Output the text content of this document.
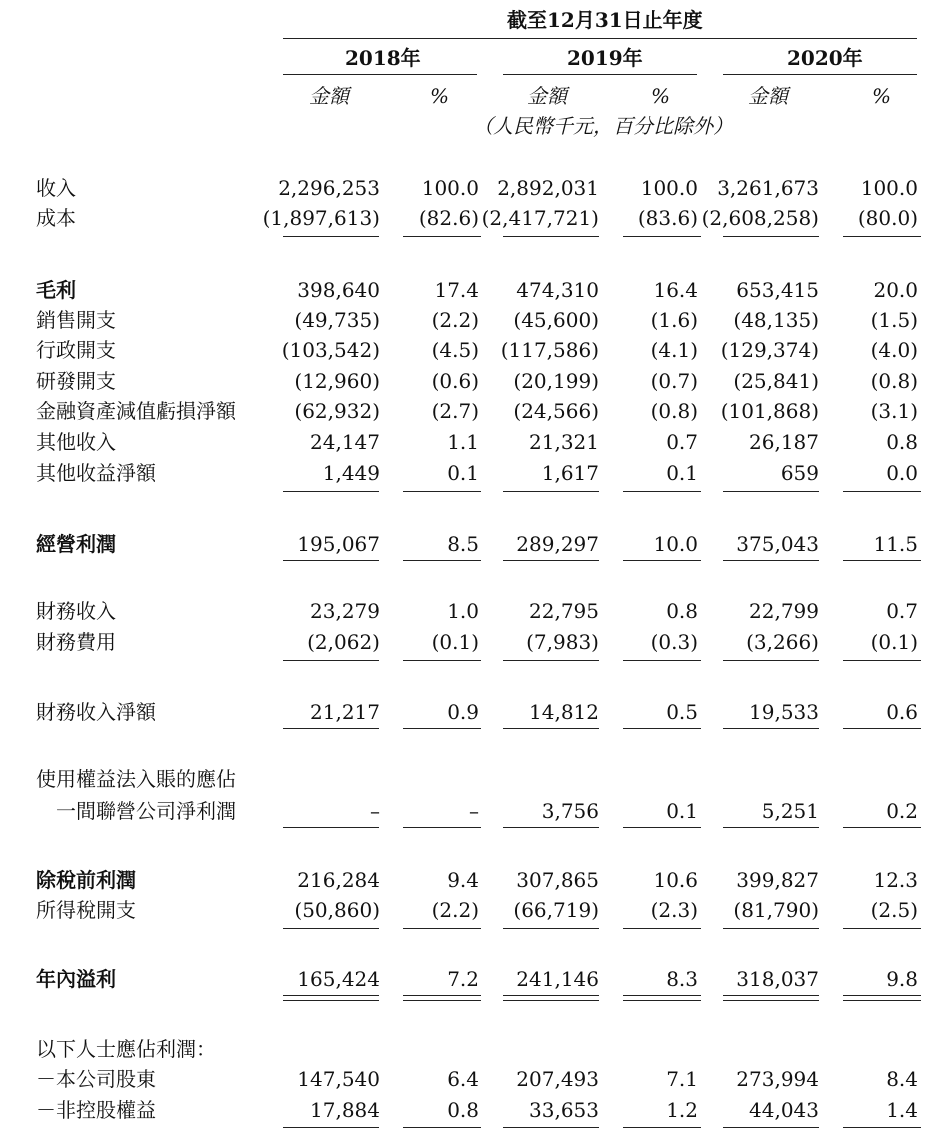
截至12月31日止年度
2018年	2019年	2020年
金額	%	金額	%	金額	%
（人民幣千元，百分比除外）
收入	2,296,253	100.0 2,892,031	100.0 3,261,673	100.0
成本	(1,897,613)	(82.6) (2,417,721)	(83.6) (2,608,258)	(80.0)
毛利	398,640	17.4	474,310	16.4	653,415	20.0
銷售開支	(49,735)	(2.2)	(45,600)	(1.6)	(48,135)	(1.5)
行政開支	(103,542)	(4.5)	(117,586)	(4.1)	(129,374)	(4.0)
研發開支	(12,960)	(0.6)	(20,199)	(0.7)	(25,841)	(0.8)
金融資產減值虧損淨額	(62,932)	(2.7)	(24,566)	(0.8)	(101,868)	(3.1)
其他收入	24,147	1.1	21,321	0.7	26,187	0.8
其他收益淨額	1,449	0.1	1,617	0.1	659	0.0
經營利潤	195,067	8.5	289,297	10.0	375,043	11.5
財務收入	23,279	1.0	22,795	0.8	22,799	0.7
財務費用	(2,062)	(0.1)	(7,983)	(0.3)	(3,266)	(0.1)
財務收入淨額	21,217	0.9	14,812	0.5	19,533	0.6
使用權益法入賬的應佔
　一間聯營公司淨利潤	–	–	3,756	0.1	5,251	0.2
除稅前利潤	216,284	9.4	307,865	10.6	399,827	12.3
所得稅開支	(50,860)	(2.2)	(66,719)	(2.3)	(81,790)	(2.5)
年內溢利	165,424	7.2	241,146	8.3	318,037	9.8
以下人士應佔利潤：
－本公司股東	147,540	6.4	207,493	7.1	273,994	8.4
－非控股權益	17,884	0.8	33,653	1.2	44,043	1.4
